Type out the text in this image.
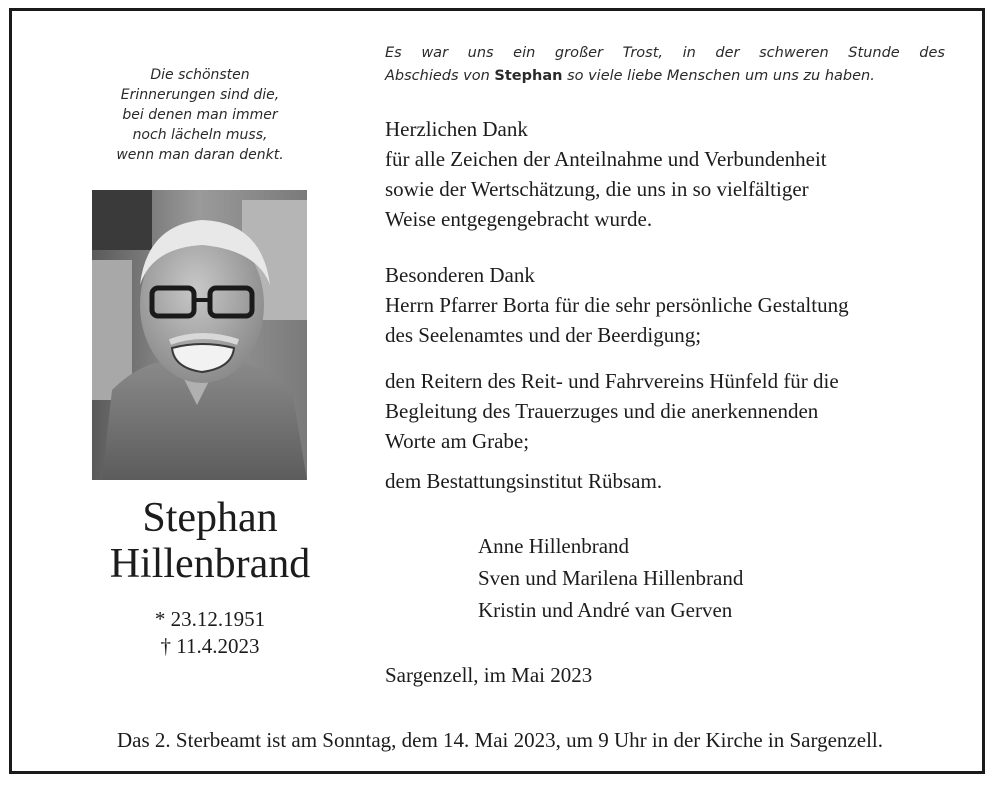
Die schönsten
Erinnerungen sind die,
bei denen man immer
noch lächeln muss,
wenn man daran denkt.
Stephan
Hillenbrand
* 23.12.1951
† 11.4.2023
Es war uns ein großer Trost, in der schweren Stunde des
Abschieds von Stephan so viele liebe Menschen um uns zu haben.

Herzlichen Dank

für alle Zeichen der Anteilnahme und Verbundenheit

sowie der Wertschätzung, die uns in so vielfältiger

Weise entgegengebracht wurde.

Besonderen Dank

Herrn Pfarrer Borta für die sehr persönliche Gestaltung

des Seelenamtes und der Beerdigung;

den Reitern des Reit- und Fahrvereins Hünfeld für die

Begleitung des Trauerzuges und die anerkennenden

Worte am Grabe;

dem Bestattungsinstitut Rübsam.

Anne Hillenbrand
Sven und Marilena Hillenbrand
Kristin und André van Gerven
Sargenzell, im Mai 2023
Das 2. Sterbeamt ist am Sonntag, dem 14. Mai 2023, um 9 Uhr in der Kirche in Sargenzell.
